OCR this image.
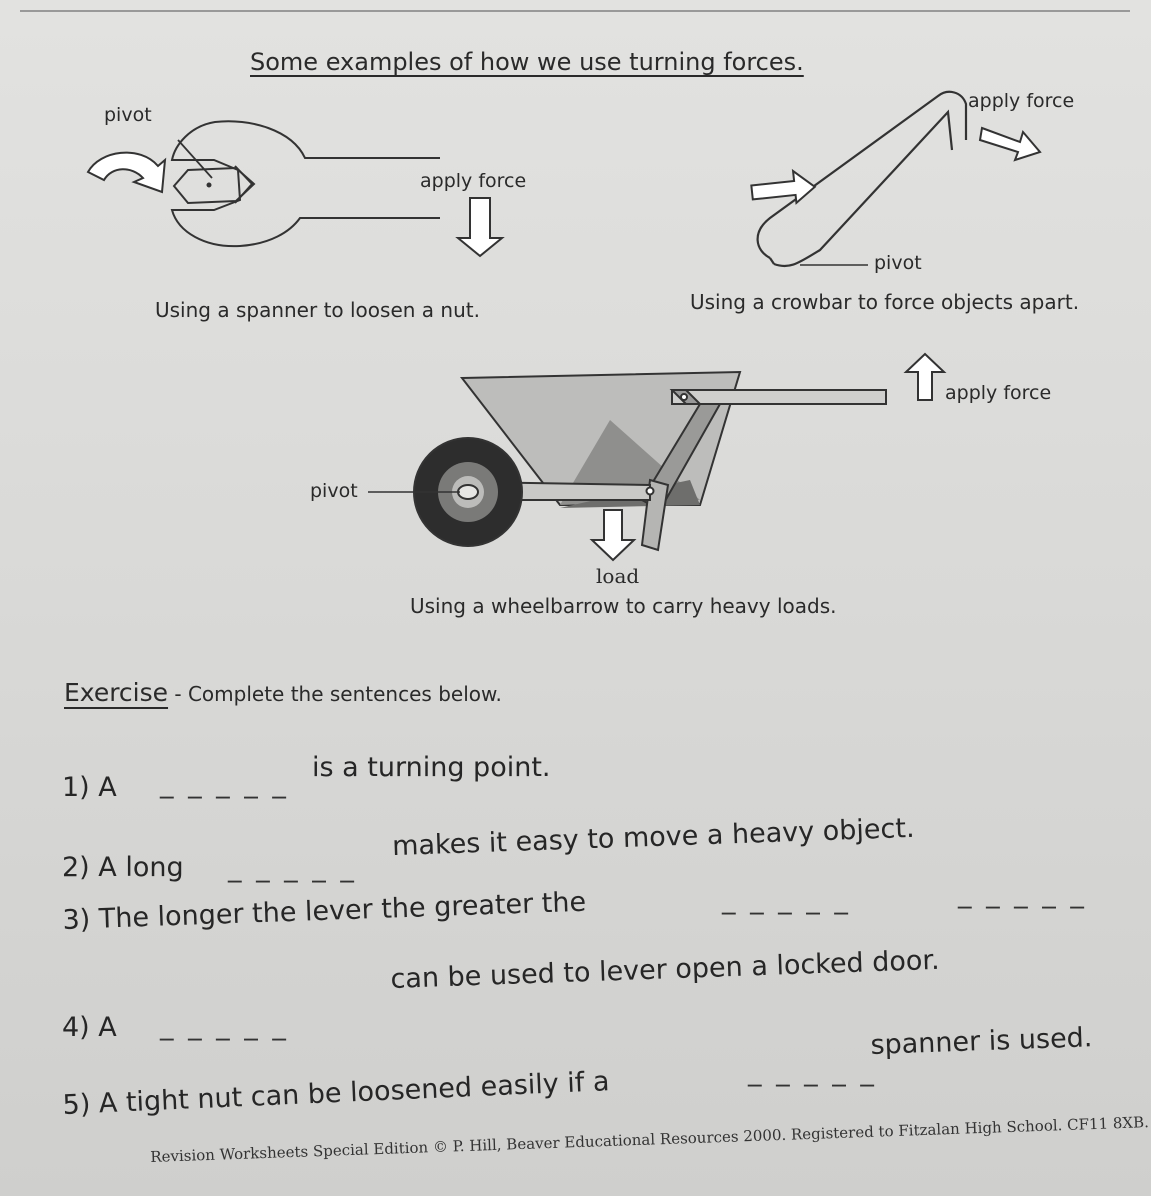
Some examples of how we use turning forces.
pivot
apply force
Using a spanner to loosen a nut.
apply force
pivot
Using a crowbar to force objects apart.
apply force
pivot
load
Using a wheelbarrow to carry heavy loads.
Exercise - Complete the sentences below.
1) A _ _ _ _ _
is a turning point.
2) A long _ _ _ _ _
makes it easy to move a heavy object.
3) The longer the lever the greater the	_ _ _ _ _	_ _ _ _ _
4) A _ _ _ _ _
can be used to lever open a locked door.
5) A tight nut can be loosened easily if a	_ _ _ _ _
spanner is used.
Revision Worksheets Special Edition © P. Hill, Beaver Educational Resources 2000. Registered to Fitzalan High School. CF11 8XB.
